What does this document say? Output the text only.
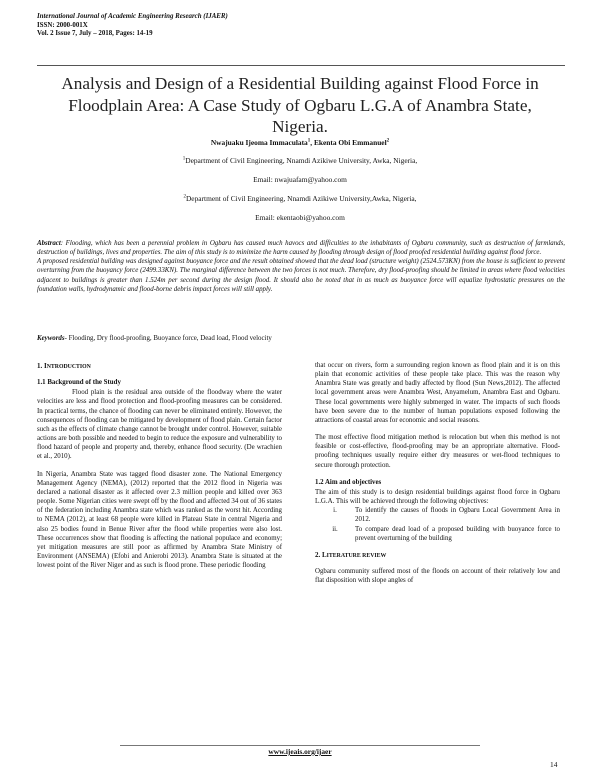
International Journal of Academic Engineering Research (IJAER)
ISSN: 2000-001X
Vol. 2 Issue 7, July – 2018, Pages: 14-19
Analysis and Design of a Residential Building against Flood Force in Floodplain Area: A Case Study of Ogbaru L.G.A of Anambra State, Nigeria.
Nwajuaku Ijeoma Immaculata$^1$, Ekenta Obi Emmanuel$^2$
$^1$Department of Civil Engineering, Nnamdi Azikiwe University, Awka, Nigeria,
Email: nwajuafam@yahoo.com
$^2$Department of Civil Engineering, Nnamdi Azikiwe University,Awka, Nigeria,
Email: ekentaobi@yahoo.com
Abstract: Flooding, which has been a perennial problem in Ogbaru has caused much havocs and difficulties to the inhabitants of Ogbaru community, such as destruction of farmlands, destruction of buildings, lives and properties. The aim of this study is to minimize the harm caused by flooding through design of flood proofed residential building against flood force.
A proposed residential building was designed against buoyance force and the result obtained showed that the dead load (structure weight) (2524.573KN) from the house is sufficient to prevent overturning from the buoyancy force (2499.33KN). The marginal difference between the two forces is not much. Therefore, dry flood-proofing should be limited in areas where flood velocities adjacent to buildings is greater than 1.524m per second during the design flood. It should also be noted that in as much as buoyance force will equalize hydrostatic pressures on the foundation walls, hydrodynamic and flood-borne debris impact forces will still apply.
Keywords- Flooding, Dry flood-proofing, Buoyance force, Dead load, Flood velocity
1. INTRODUCTION
1.1 Background of the Study
Flood plain is the residual area outside of the floodway where the water velocities are less and flood protection and flood-proofing measures can be considered. In practical terms, the chance of flooding can never be eliminated entirely. However, the consequences of flooding can be mitigated by development of flood plain. Certain factor such as the effects of climate change cannot be brought under control. However, suitable actions are both possible and needed to begin to reduce the exposure and vulnerability to flood hazard of people and property and, thereby, enhance flood security. (De wrachien et al., 2010).
In Nigeria, Anambra State was tagged flood disaster zone. The National Emergency Management Agency (NEMA), (2012) reported that the 2012 flood in Nigeria was declared a national disaster as it affected over 2.3 million people and killed over 363 people. Some Nigerian cities were swept off by the flood and affected 34 out of 36 states of the federation including Anambra state which was ranked as the worst hit. According to NEMA (2012), at least 68 people were killed in Plateau State in central Nigeria and also 25 bodies found in Benue River after the flood while properties were also lost. These occurrences show that flooding is affecting the national populace and economy; yet mitigation measures are still poor as affirmed by Anambra State Ministry of Environment (ANSEMA) (Efobi and Anierobi 2013). Anambra State is situated at the lowest point of the River Niger and as such is flood prone. These periodic flooding
that occur on rivers, form a surrounding region known as flood plain and it is on this plain that economic activities of these people take place. This was the reason why Anambra State was greatly and badly affected by flood (Sun News,2012). The affected local government areas were Anambra West, Anyamelum, Anambra East and Ogbaru. These local governments were highly submerged in water. The impacts of such floods have been severe due to the number of human populations exposed following the attractions of coastal areas for economic and social reasons.
The most effective flood mitigation method is relocation but when this method is not feasible or cost-effective, flood-proofing may be an appropriate alternative. Flood-proofing techniques usually require either dry measures or wet-flood techniques to secure thorough protection.
1.2 Aim and objectives
The aim of this study is to design residential buildings against flood force in Ogbaru L.G.A. This will be achieved through the following objectives:
i.	To identify the causes of floods in Ogbaru Local Government Area in 2012.
ii.	To compare dead load of a proposed building with buoyance force to prevent overturning of the building
2. LITERATURE REVIEW
Ogbaru community suffered most of the floods on account of their relatively low and flat disposition with slope angles of
www.ijeais.org/ijaer
14
